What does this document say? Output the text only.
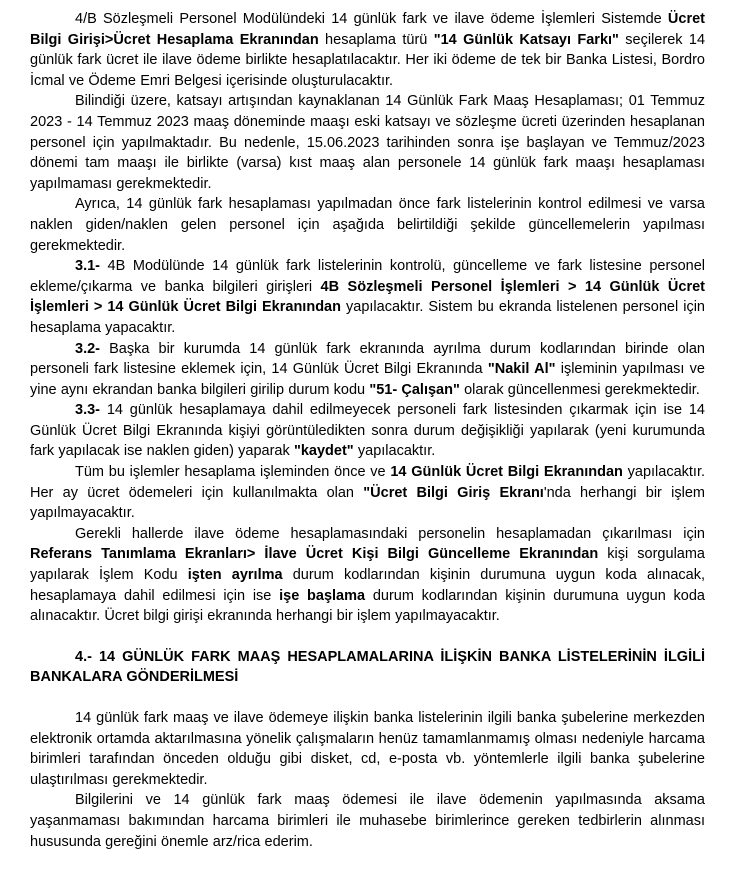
4/B Sözleşmeli Personel Modülündeki 14 günlük fark ve ilave ödeme İşlemleri Sistemde Ücret Bilgi Girişi>Ücret Hesaplama Ekranından hesaplama türü "14 Günlük Katsayı Farkı" seçilerek 14 günlük fark ücret ile ilave ödeme birlikte hesaplatılacaktır. Her iki ödeme de tek bir Banka Listesi, Bordro İcmal ve Ödeme Emri Belgesi içerisinde oluşturulacaktır.

Bilindiği üzere, katsayı artışından kaynaklanan 14 Günlük Fark Maaş Hesaplaması; 01 Temmuz 2023 - 14 Temmuz 2023 maaş döneminde maaşı eski katsayı ve sözleşme ücreti üzerinden hesaplanan personel için yapılmaktadır. Bu nedenle, 15.06.2023 tarihinden sonra işe başlayan ve Temmuz/2023 dönemi tam maaşı ile birlikte (varsa) kıst maaş alan personele 14 günlük fark maaşı hesaplaması yapılmaması gerekmektedir.

Ayrıca, 14 günlük fark hesaplaması yapılmadan önce fark listelerinin kontrol edilmesi ve varsa naklen giden/naklen gelen personel için aşağıda belirtildiği şekilde güncellemelerin yapılması gerekmektedir.

3.1- 4B Modülünde 14 günlük fark listelerinin kontrolü, güncelleme ve fark listesine personel ekleme/çıkarma ve banka bilgileri girişleri 4B Sözleşmeli Personel İşlemleri > 14 Günlük Ücret İşlemleri > 14 Günlük Ücret Bilgi Ekranından yapılacaktır. Sistem bu ekranda listelenen personel için hesaplama yapacaktır.

3.2- Başka bir kurumda 14 günlük fark ekranında ayrılma durum kodlarından birinde olan personeli fark listesine eklemek için, 14 Günlük Ücret Bilgi Ekranında "Nakil Al" işleminin yapılması ve yine aynı ekrandan banka bilgileri girilip durum kodu "51- Çalışan" olarak güncellenmesi gerekmektedir.

3.3- 14 günlük hesaplamaya dahil edilmeyecek personeli fark listesinden çıkarmak için ise 14 Günlük Ücret Bilgi Ekranında kişiyi görüntüledikten sonra durum değişikliği yapılarak (yeni kurumunda fark yapılacak ise naklen giden) yaparak "kaydet" yapılacaktır.

Tüm bu işlemler hesaplama işleminden önce ve 14 Günlük Ücret Bilgi Ekranından yapılacaktır. Her ay ücret ödemeleri için kullanılmakta olan "Ücret Bilgi Giriş Ekranı'nda herhangi bir işlem yapılmayacaktır.

Gerekli hallerde ilave ödeme hesaplamasındaki personelin hesaplamadan çıkarılması için Referans Tanımlama Ekranları> İlave Ücret Kişi Bilgi Güncelleme Ekranından kişi sorgulama yapılarak İşlem Kodu işten ayrılma durum kodlarından kişinin durumuna uygun koda alınacak, hesaplamaya dahil edilmesi için ise işe başlama durum kodlarından kişinin durumuna uygun koda alınacaktır. Ücret bilgi girişi ekranında herhangi bir işlem yapılmayacaktır.

4.- 14 GÜNLÜK FARK MAAŞ HESAPLAMALARINA İLİŞKİN BANKA LİSTELERİNİN İLGİLİ BANKALARA GÖNDERİLMESİ

14 günlük fark maaş ve ilave ödemeye ilişkin banka listelerinin ilgili banka şubelerine merkezden elektronik ortamda aktarılmasına yönelik çalışmaların henüz tamamlanmamış olması nedeniyle harcama birimleri tarafından önceden olduğu gibi disket, cd, e-posta vb. yöntemlerle ilgili banka şubelerine ulaştırılması gerekmektedir.

Bilgilerini ve 14 günlük fark maaş ödemesi ile ilave ödemenin yapılmasında aksama yaşanmaması bakımından harcama birimleri ile muhasebe birimlerince gereken tedbirlerin alınması hususunda gereğini önemle arz/rica ederim.
